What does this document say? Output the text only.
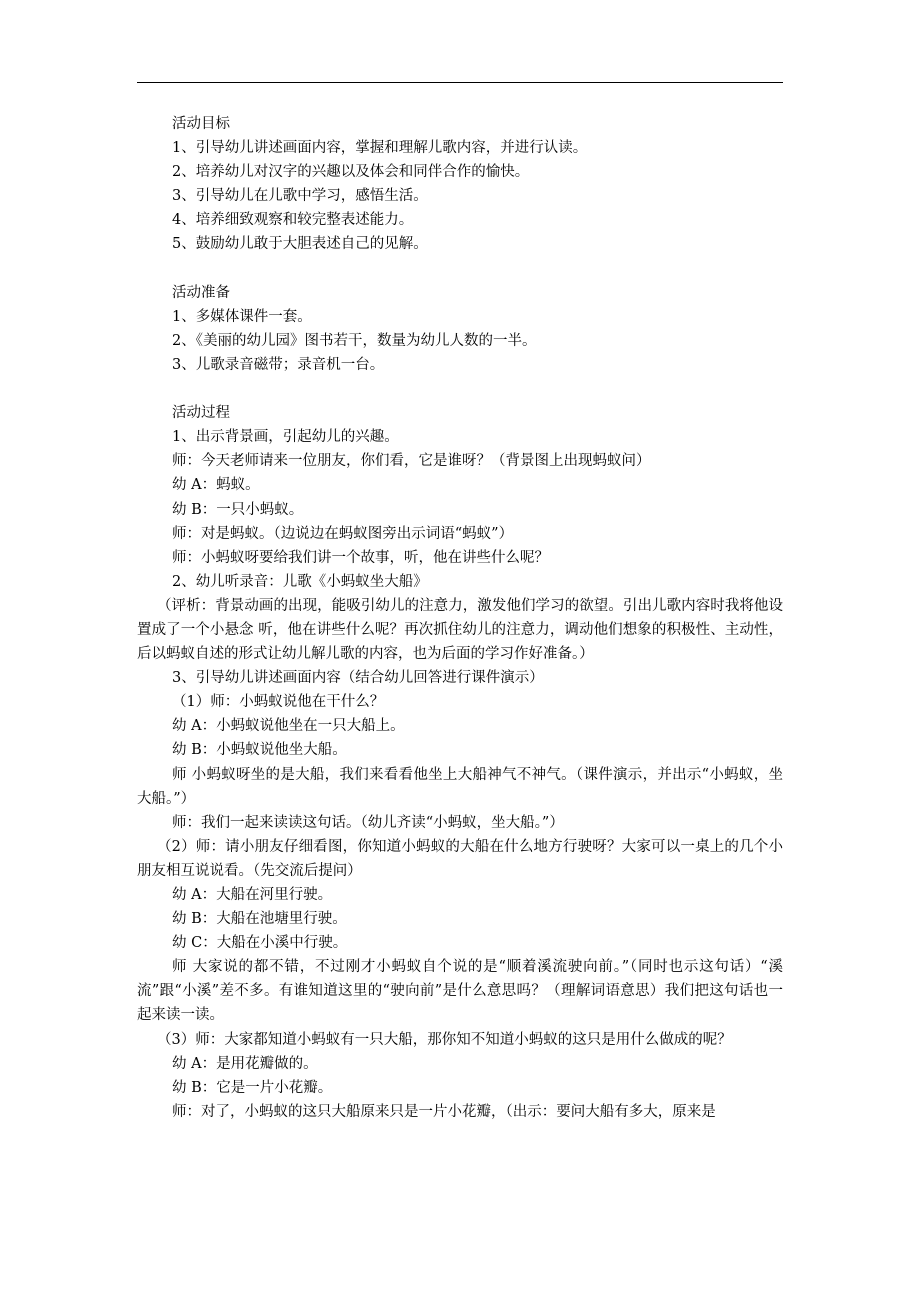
活动目标

1、引导幼儿讲述画面内容，掌握和理解儿歌内容，并进行认读。

2、培养幼儿对汉字的兴趣以及体会和同伴合作的愉快。

3、引导幼儿在儿歌中学习，感悟生活。

4、培养细致观察和较完整表述能力。

5、鼓励幼儿敢于大胆表述自己的见解。

活动准备

1、多媒体课件一套。

2、《美丽的幼儿园》图书若干，数量为幼儿人数的一半。

3、儿歌录音磁带；录音机一台。

活动过程

1、出示背景画，引起幼儿的兴趣。

师：今天老师请来一位朋友，你们看，它是谁呀？（背景图上出现蚂蚁问）

幼 A：蚂蚁。

幼 B：一只小蚂蚁。

师：对是蚂蚁。（边说边在蚂蚁图旁出示词语“蚂蚁”）

师：小蚂蚁呀要给我们讲一个故事，听，他在讲些什么呢？

2、幼儿听录音：儿歌《小蚂蚁坐大船》

（评析：背景动画的出现，能吸引幼儿的注意力，激发他们学习的欲望。引出儿歌内容时我将他设置成了一个小悬念 听，他在讲些什么呢？再次抓住幼儿的注意力，调动他们想象的积极性、主动性，后以蚂蚁自述的形式让幼儿解儿歌的内容，也为后面的学习作好准备。）

3、引导幼儿讲述画面内容（结合幼儿回答进行课件演示）

（1）师：小蚂蚁说他在干什么？

幼 A：小蚂蚁说他坐在一只大船上。

幼 B：小蚂蚁说他坐大船。

师 小蚂蚁呀坐的是大船，我们来看看他坐上大船神气不神气。（课件演示，并出示“小蚂蚁，坐大船。”）

师：我们一起来读读这句话。（幼儿齐读“小蚂蚁，坐大船。”）

（2）师：请小朋友仔细看图，你知道小蚂蚁的大船在什么地方行驶呀？大家可以一桌上的几个小朋友相互说说看。（先交流后提问）

幼 A：大船在河里行驶。

幼 B：大船在池塘里行驶。

幼 C：大船在小溪中行驶。

师 大家说的都不错，不过刚才小蚂蚁自个说的是“顺着溪流驶向前。”（同时也示这句话）“溪流”跟“小溪”差不多。有谁知道这里的“驶向前”是什么意思吗？（理解词语意思）我们把这句话也一起来读一读。

（3）师：大家都知道小蚂蚁有一只大船，那你知不知道小蚂蚁的这只是用什么做成的呢？

幼 A：是用花瓣做的。

幼 B：它是一片小花瓣。

师：对了，小蚂蚁的这只大船原来只是一片小花瓣，（出示：要问大船有多大，原来是
